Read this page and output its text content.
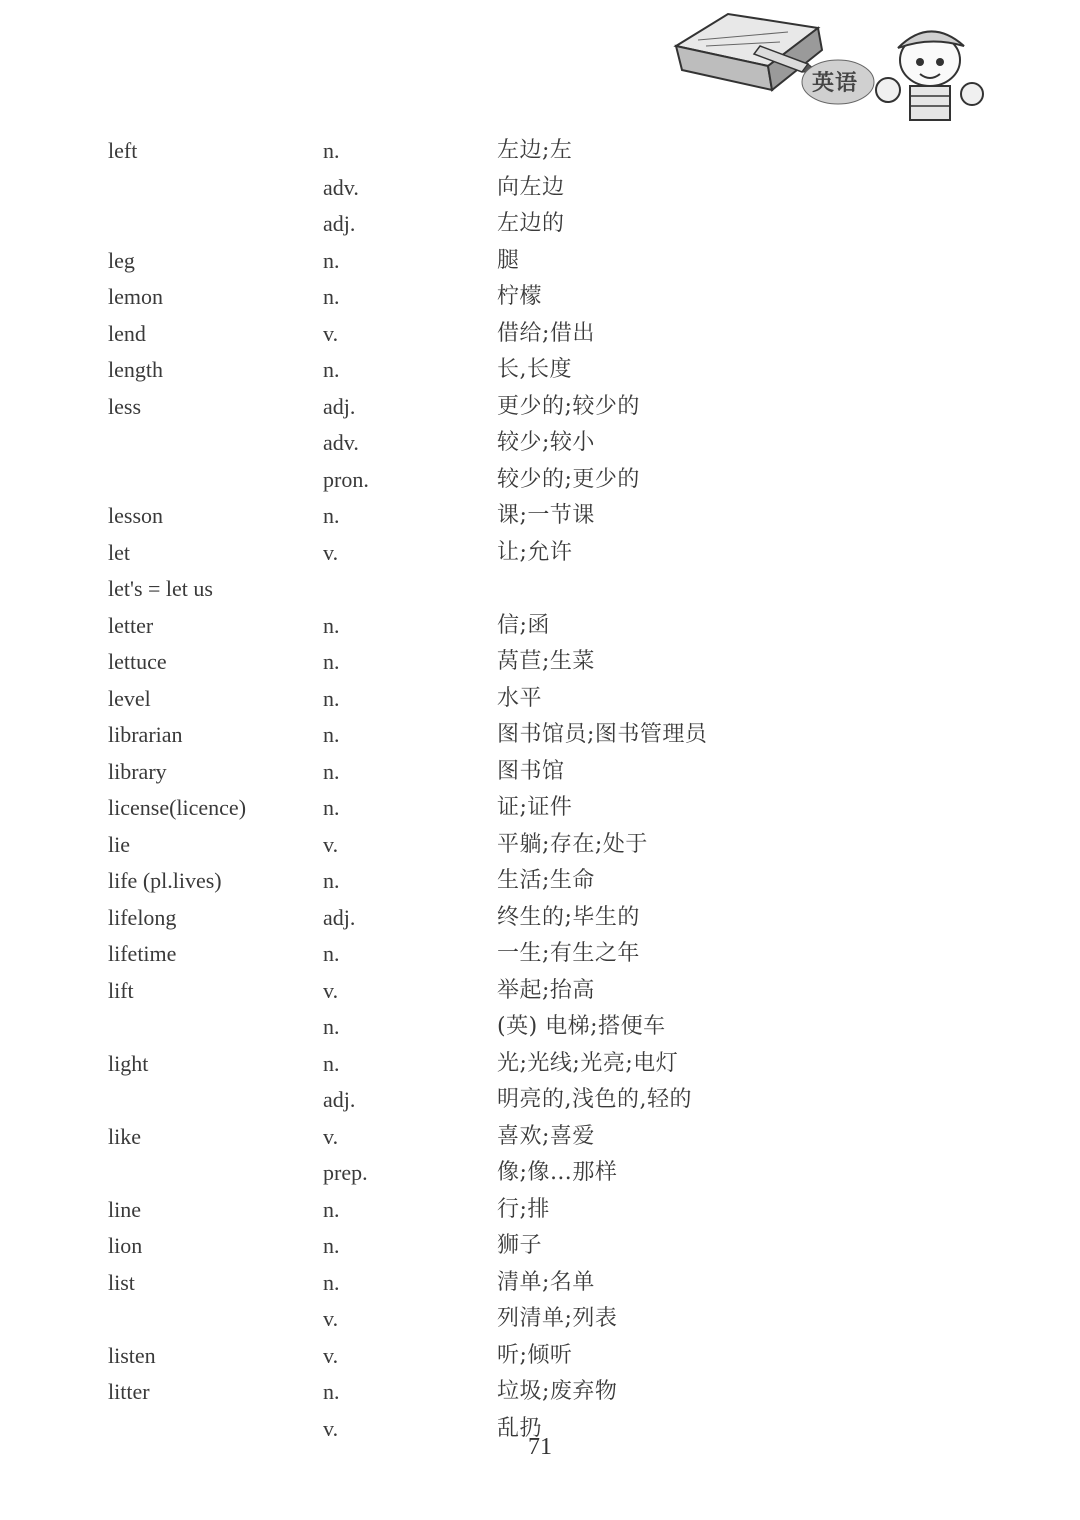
英语
left	n.	左边;左
adv.	向左边
adj.	左边的
leg	n.	腿
lemon	n.	柠檬
lend	v.	借给;借出
length	n.	长,长度
less	adj.	更少的;较少的
adv.	较少;较小
pron.	较少的;更少的
lesson	n.	课;一节课
let	v.	让;允许
let's = let us
letter	n.	信;函
lettuce	n.	莴苣;生菜
level	n.	水平
librarian	n.	图书馆员;图书管理员
library	n.	图书馆
license(licence)	n.	证;证件
lie	v.	平躺;存在;处于
life (pl.lives)	n.	生活;生命
lifelong	adj.	终生的;毕生的
lifetime	n.	一生;有生之年
lift	v.	举起;抬高
n.	(英) 电梯;搭便车
light	n.	光;光线;光亮;电灯
adj.	明亮的,浅色的,轻的
like	v.	喜欢;喜爱
prep.	像;像…那样
line	n.	行;排
lion	n.	狮子
list	n.	清单;名单
v.	列清单;列表
listen	v.	听;倾听
litter	n.	垃圾;废弃物
v.	乱扔
71
